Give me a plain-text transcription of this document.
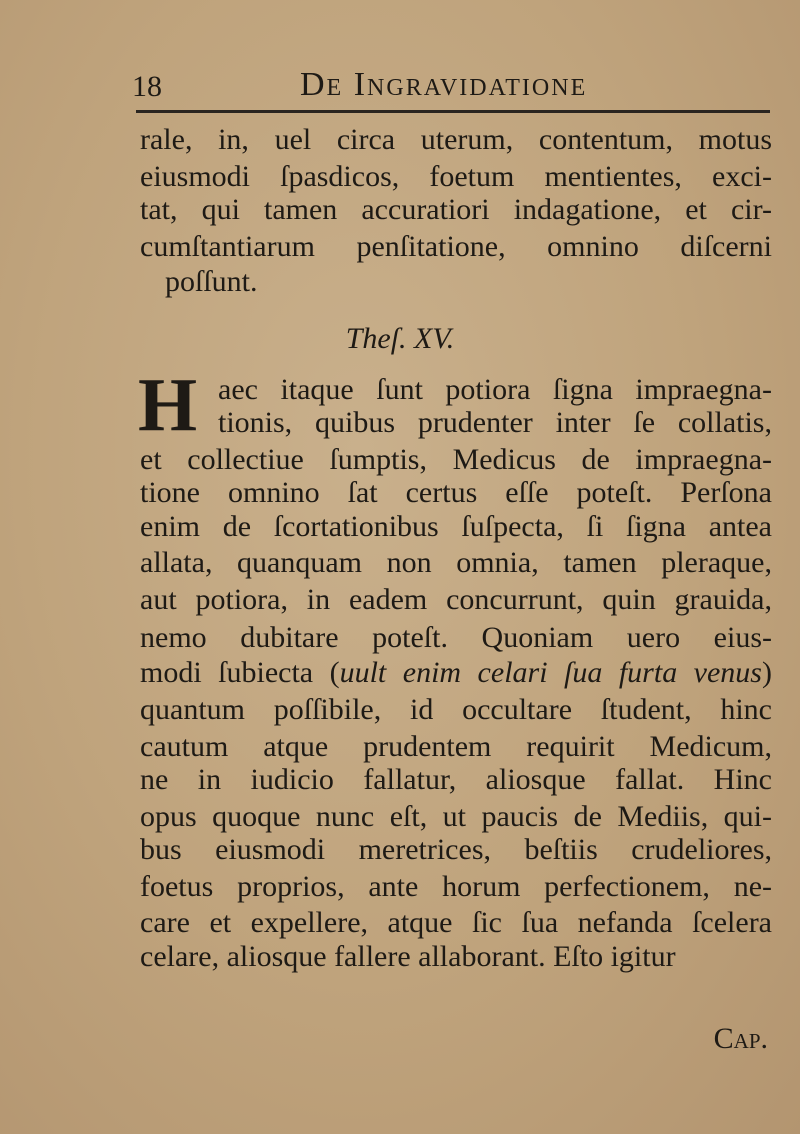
18	De Ingravidatione
rale, in, uel circa uterum, contentum, motus
eiusmodi ſpasdicos, foetum mentientes, exci-
tat, qui tamen accuratiori indagatione, et cir-
cumſtantiarum penſitatione, omnino diſcerni
poſſunt.
Theſ. XV.
H aec itaque ſunt potiora ſigna impraegna-
tionis, quibus prudenter inter ſe collatis,
et collectiue ſumptis, Medicus de impraegna-
tione omnino ſat certus eſſe poteſt. Perſona
enim de ſcortationibus ſuſpecta, ſi ſigna antea
allata, quanquam non omnia, tamen pleraque,
aut potiora, in eadem concurrunt, quin grauida,
nemo dubitare poteſt. Quoniam uero eius-
modi ſubiecta (uult enim celari ſua furta venus)
quantum poſſibile, id occultare ſtudent, hinc
cautum atque prudentem requirit Medicum,
ne in iudicio fallatur, aliosque fallat. Hinc
opus quoque nunc eſt, ut paucis de Mediis, qui-
bus eiusmodi meretrices, beſtiis crudeliores,
foetus proprios, ante horum perfectionem, ne-
care et expellere, atque ſic ſua nefanda ſcelera
celare, aliosque fallere allaborant. Eſto igitur
Cap.
